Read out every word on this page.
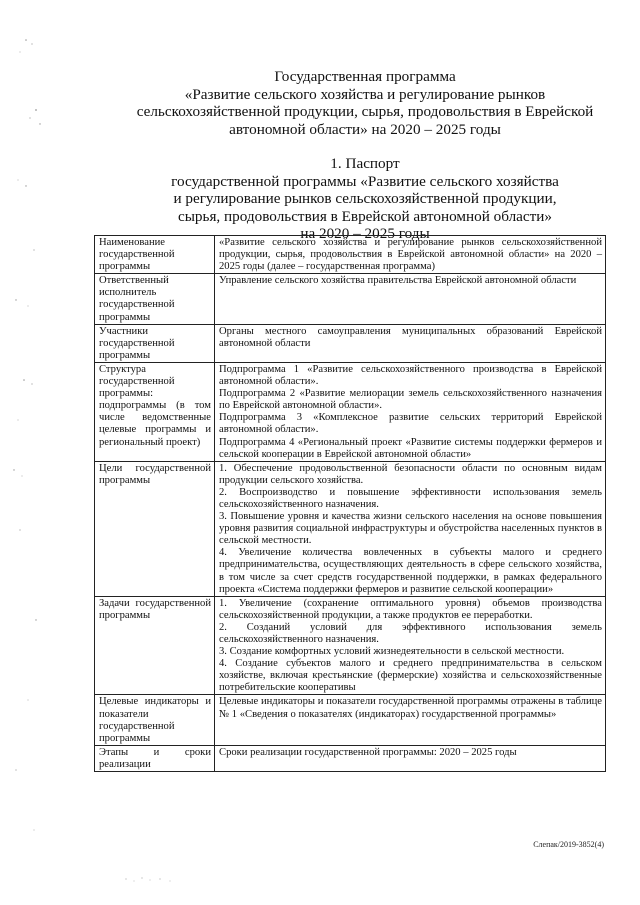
Государственная программа
«Развитие сельского хозяйства и регулирование рынков
сельскохозяйственной продукции, сырья, продовольствия в Еврейской
автономной области» на 2020 – 2025 годы
1. Паспорт
государственной программы «Развитие сельского хозяйства
и регулирование рынков сельскохозяйственной продукции,
сырья, продовольствия в Еврейской автономной области»
на 2020 – 2025 годы
Наименование государственной программы	«Развитие сельского хозяйства и регулирование рынков сельскохозяйственной продукции, сырья, продовольствия в Еврейской автономной области» на 2020 – 2025 годы (далее – государственная программа)

Ответственный исполнитель государственной программы	Управление сельского хозяйства правительства Еврейской автономной области

Участники государственной программы	Органы местного самоуправления муниципальных образований Еврейской автономной области

Структура государственной программы: подпрограммы (в том числе ведомственные целевые программы и региональный проект)	Подпрограмма 1 «Развитие сельскохозяйственного производства в Еврейской автономной области».
Подпрограмма 2 «Развитие мелиорации земель сельскохозяйственного назначения по Еврейской автономной области».
Подпрограмма 3 «Комплексное развитие сельских территорий Еврейской автономной области».
Подпрограмма 4 «Региональный проект «Развитие системы поддержки фермеров и сельской кооперации в Еврейской автономной области»

Цели государственной программы	1. Обеспечение продовольственной безопасности области по основным видам продукции сельского хозяйства.
2. Воспроизводство и повышение эффективности использования земель сельскохозяйственного назначения.
3. Повышение уровня и качества жизни сельского населения на основе повышения уровня развития социальной инфраструктуры и обустройства населенных пунктов в сельской местности.
4. Увеличение количества вовлеченных в субъекты малого и среднего предпринимательства, осуществляющих деятельность в сфере сельского хозяйства, в том числе за счет средств государственной поддержки, в рамках федерального проекта «Система поддержки фермеров и развитие сельской кооперации»

Задачи государственной программы	1. Увеличение (сохранение оптимального уровня) объемов производства сельскохозяйственной продукции, а также продуктов ее переработки.
2. Созданий условий для эффективного использования земель сельскохозяйственного назначения.
3. Создание комфортных условий жизнедеятельности в сельской местности.
4. Создание субъектов малого и среднего предпринимательства в сельском хозяйстве, включая крестьянские (фермерские) хозяйства и сельскохозяйственные потребительские кооперативы

Целевые индикаторы и показатели государственной программы	Целевые индикаторы и показатели государственной программы отражены в таблице № 1 «Сведения о показателях (индикаторах) государственной программы»

Этапы и сроки реализации	Сроки реализации государственной программы: 2020 – 2025 годы
Слепак/2019-3852(4)
